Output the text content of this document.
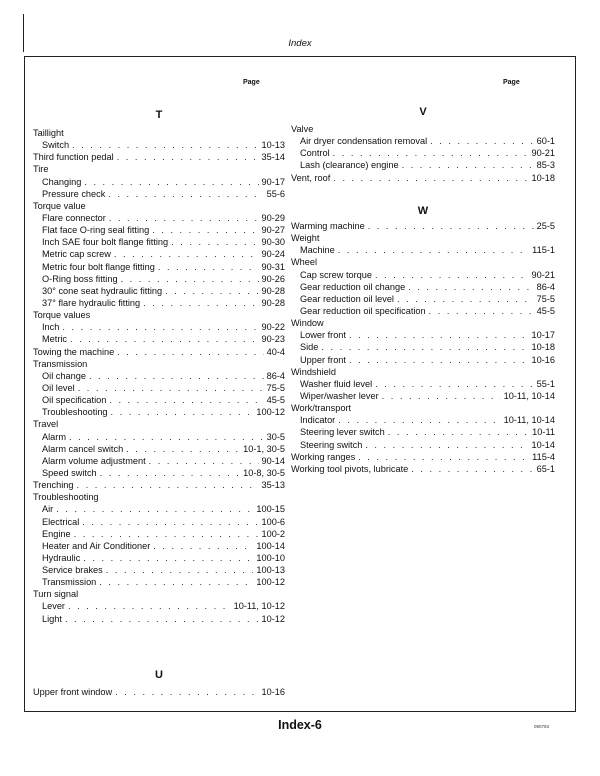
Index
Page
T
Taillight
Switch . . .	10-13
Third function pedal . . .	35-14
Tire
Changing . . .	90-17
Pressure check . . .	55-6
Torque value
Flare connector . . .	90-29
Flat face O-ring seal fitting . . .	90-27
Inch SAE four bolt flange fitting . . .	90-30
Metric cap screw . . .	90-24
Metric four bolt flange fitting . . .	90-31
O-Ring boss fitting . . .	90-26
30° cone seat hydraulic fitting . . .	90-28
37° flare hydraulic fitting . . .	90-28
Torque values
Inch . . .	90-22
Metric . . .	90-23
Towing the machine . . .	40-4
Transmission
Oil change . . .	86-4
Oil level . . .	75-5
Oil specification . . .	45-5
Troubleshooting . . .	100-12
Travel
Alarm . . .	30-5
Alarm cancel switch . . .	10-1, 30-5
Alarm volume adjustment . . .	90-14
Speed switch . . .	10-8, 30-5
Trenching . . .	35-13
Troubleshooting
Air . . .	100-15
Electrical . . .	100-6
Engine . . .	100-2
Heater and Air Conditioner . . .	100-14
Hydraulic . . .	100-10
Service brakes . . .	100-13
Transmission . . .	100-12
Turn signal
Lever . . .	10-11, 10-12
Light . . .	10-12
U
Upper front window . . .	10-16
Page
V
Valve
Air dryer condensation removal . . .	60-1
Control . . .	90-21
Lash (clearance) engine . . .	85-3
Vent, roof . . .	10-18
W
Warming machine . . .	25-5
Weight
Machine . . .	115-1
Wheel
Cap screw torque . . .	90-21
Gear reduction oil change . . .	86-4
Gear reduction oil level . . .	75-5
Gear reduction oil specification . . .	45-5
Window
Lower front . . .	10-17
Side . . .	10-18
Upper front . . .	10-16
Windshield
Washer fluid level . . .	55-1
Wiper/washer lever . . .	10-11, 10-14
Work/transport
Indicator . . .	10-11, 10-14
Steering lever switch . . .	10-11
Steering switch . . .	10-14
Working ranges . . .	115-4
Working tool pivots, lubricate . . .	65-1
Index-6	090793
